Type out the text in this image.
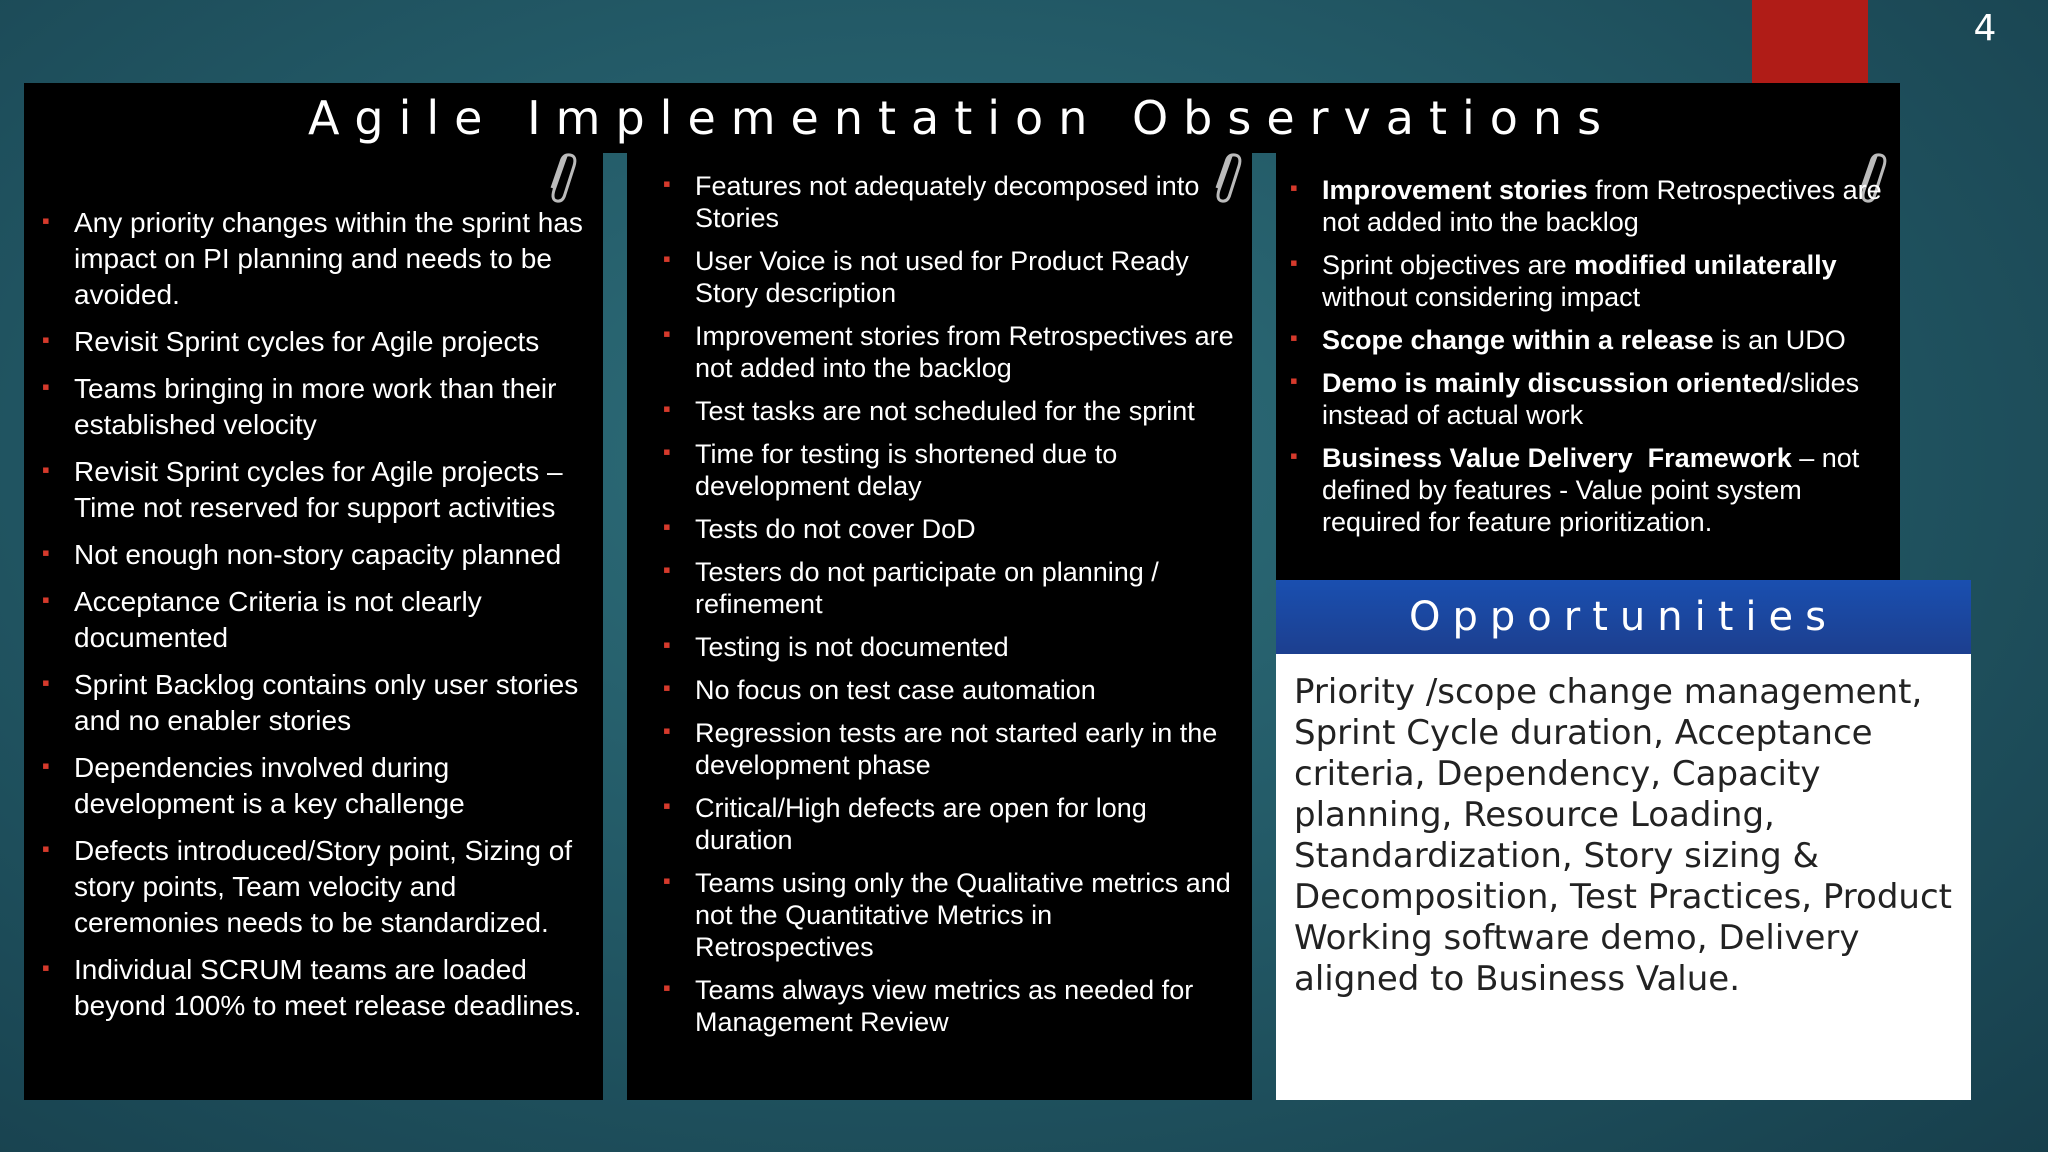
4
Agile Implementation Observations
▪ Any priority changes within the sprint has impact on PI planning and needs to be avoided.
▪ Revisit Sprint cycles for Agile projects
▪ Teams bringing in more work than their established velocity
▪ Revisit Sprint cycles for Agile projects – Time not reserved for support activities
▪ Not enough non-story capacity planned
▪ Acceptance Criteria is not clearly documented
▪ Sprint Backlog contains only user stories and no enabler stories
▪ Dependencies involved during development is a key challenge
▪ Defects introduced/Story point, Sizing of story points, Team velocity and ceremonies needs to be standardized.
▪ Individual SCRUM teams are loaded beyond 100% to meet release deadlines.
▪ Features not adequately decomposed into Stories
▪ User Voice is not used for Product Ready Story description
▪ Improvement stories from Retrospectives are not added into the backlog
▪ Test tasks are not scheduled for the sprint
▪ Time for testing is shortened due to development delay
▪ Tests do not cover DoD
▪ Testers do not participate on planning / refinement
▪ Testing is not documented
▪ No focus on test case automation
▪ Regression tests are not started early in the development phase
▪ Critical/High defects are open for long duration
▪ Teams using only the Qualitative metrics and not the Quantitative Metrics in Retrospectives
▪ Teams always view metrics as needed for Management Review
▪ Improvement stories from Retrospectives are not added into the backlog
▪ Sprint objectives are modified unilaterally without considering impact
▪ Scope change within a release is an UDO
▪ Demo is mainly discussion oriented/slides instead of actual work
▪ Business Value Delivery  Framework – not defined by features - Value point system required for feature prioritization.
Opportunities
Priority /scope change management, Sprint Cycle duration, Acceptance criteria, Dependency, Capacity planning, Resource Loading, Standardization, Story sizing & Decomposition, Test Practices, Product Working software demo, Delivery aligned to Business Value.
